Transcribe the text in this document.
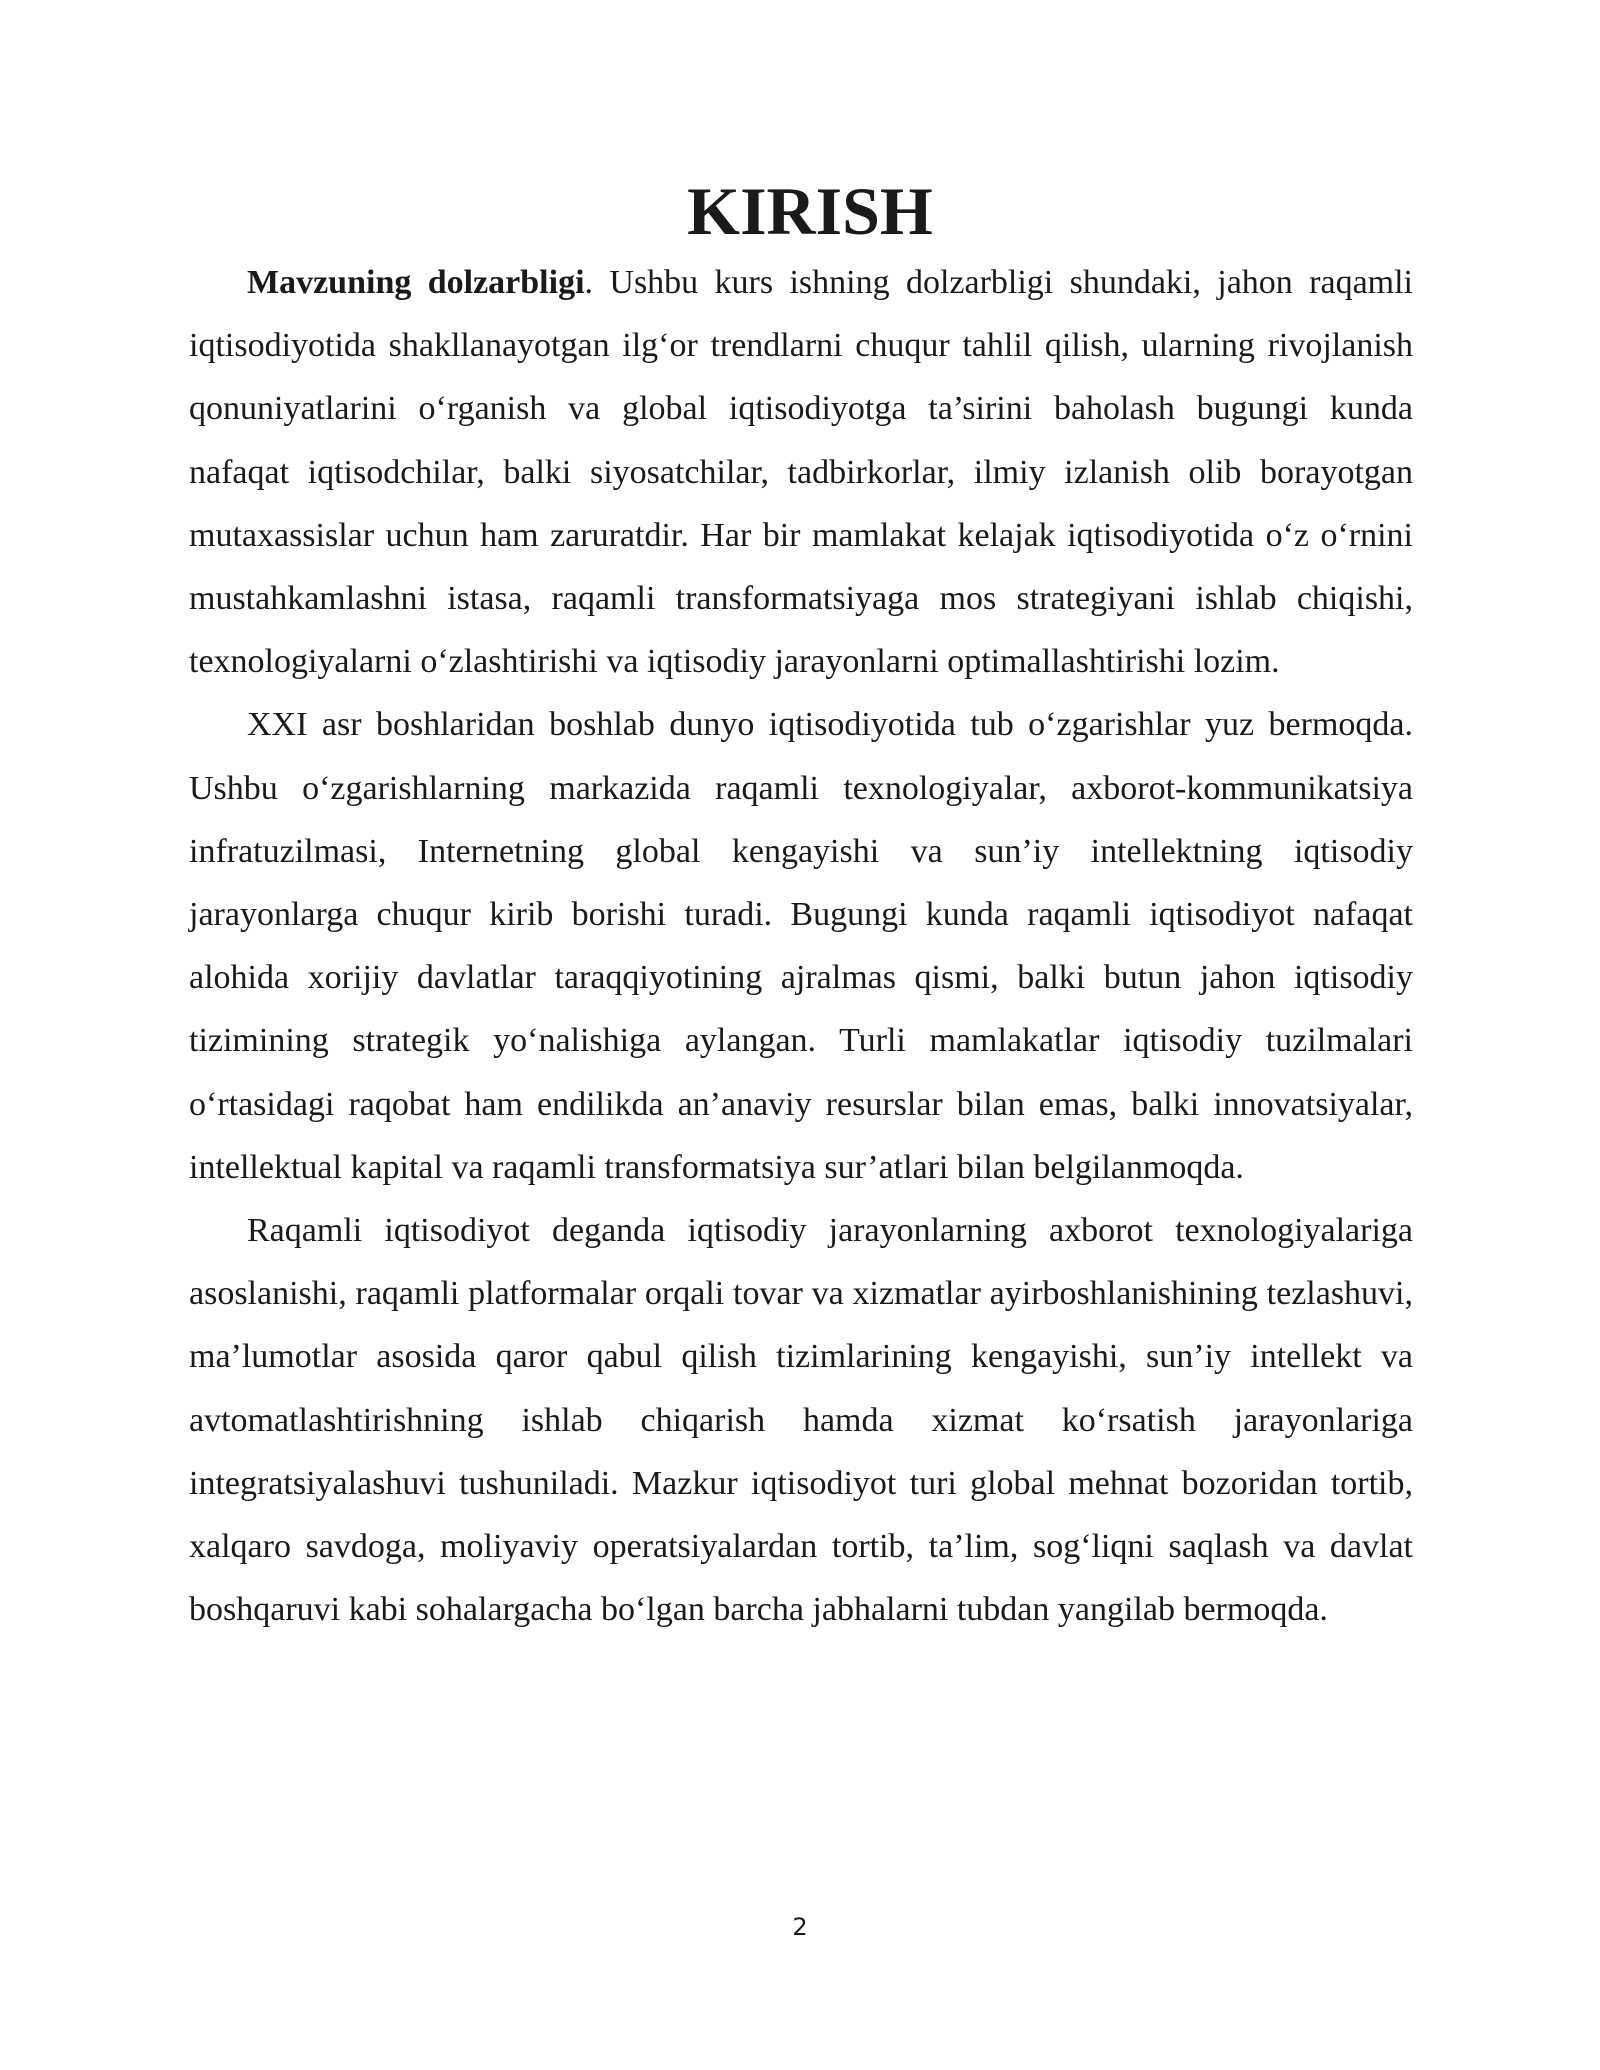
KIRISH

Mavzuning dolzarbligi. Ushbu kurs ishning dolzarbligi shundaki, jahon raqamli iqtisodiyotida shakllanayotgan ilg‘or trendlarni chuqur tahlil qilish, ularning rivojlanish qonuniyatlarini o‘rganish va global iqtisodiyotga ta’sirini baholash bugungi kunda nafaqat iqtisodchilar, balki siyosatchilar, tadbirkorlar, ilmiy izlanish olib borayotgan mutaxassislar uchun ham zaruratdir. Har bir mamlakat kelajak iqtisodiyotida o‘z o‘rnini mustahkamlashni istasa, raqamli transformatsiyaga mos strategiyani ishlab chiqishi, texnologiyalarni o‘zlashtirishi va iqtisodiy jarayonlarni optimallashtirishi lozim.

XXI asr boshlaridan boshlab dunyo iqtisodiyotida tub o‘zgarishlar yuz bermoqda. Ushbu o‘zgarishlarning markazida raqamli texnologiyalar, axborot-kommunikatsiya infratuzilmasi, Internetning global kengayishi va sun’iy intellektning iqtisodiy jarayonlarga chuqur kirib borishi turadi. Bugungi kunda raqamli iqtisodiyot nafaqat alohida xorijiy davlatlar taraqqiyotining ajralmas qismi, balki butun jahon iqtisodiy tizimining strategik yo‘nalishiga aylangan. Turli mamlakatlar iqtisodiy tuzilmalari o‘rtasidagi raqobat ham endilikda an’anaviy resurslar bilan emas, balki innovatsiyalar, intellektual kapital va raqamli transformatsiya sur’atlari bilan belgilanmoqda.

Raqamli iqtisodiyot deganda iqtisodiy jarayonlarning axborot texnologiyalariga asoslanishi, raqamli platformalar orqali tovar va xizmatlar ayirboshlanishining tezlashuvi, ma’lumotlar asosida qaror qabul qilish tizimlarining kengayishi, sun’iy intellekt va avtomatlashtirishning ishlab chiqarish hamda xizmat ko‘rsatish jarayonlariga integratsiyalashuvi tushuniladi. Mazkur iqtisodiyot turi global mehnat bozoridan tortib, xalqaro savdoga, moliyaviy operatsiyalardan tortib, ta’lim, sog‘liqni saqlash va davlat boshqaruvi kabi sohalargacha bo‘lgan barcha jabhalarni tubdan yangilab bermoqda.

2
